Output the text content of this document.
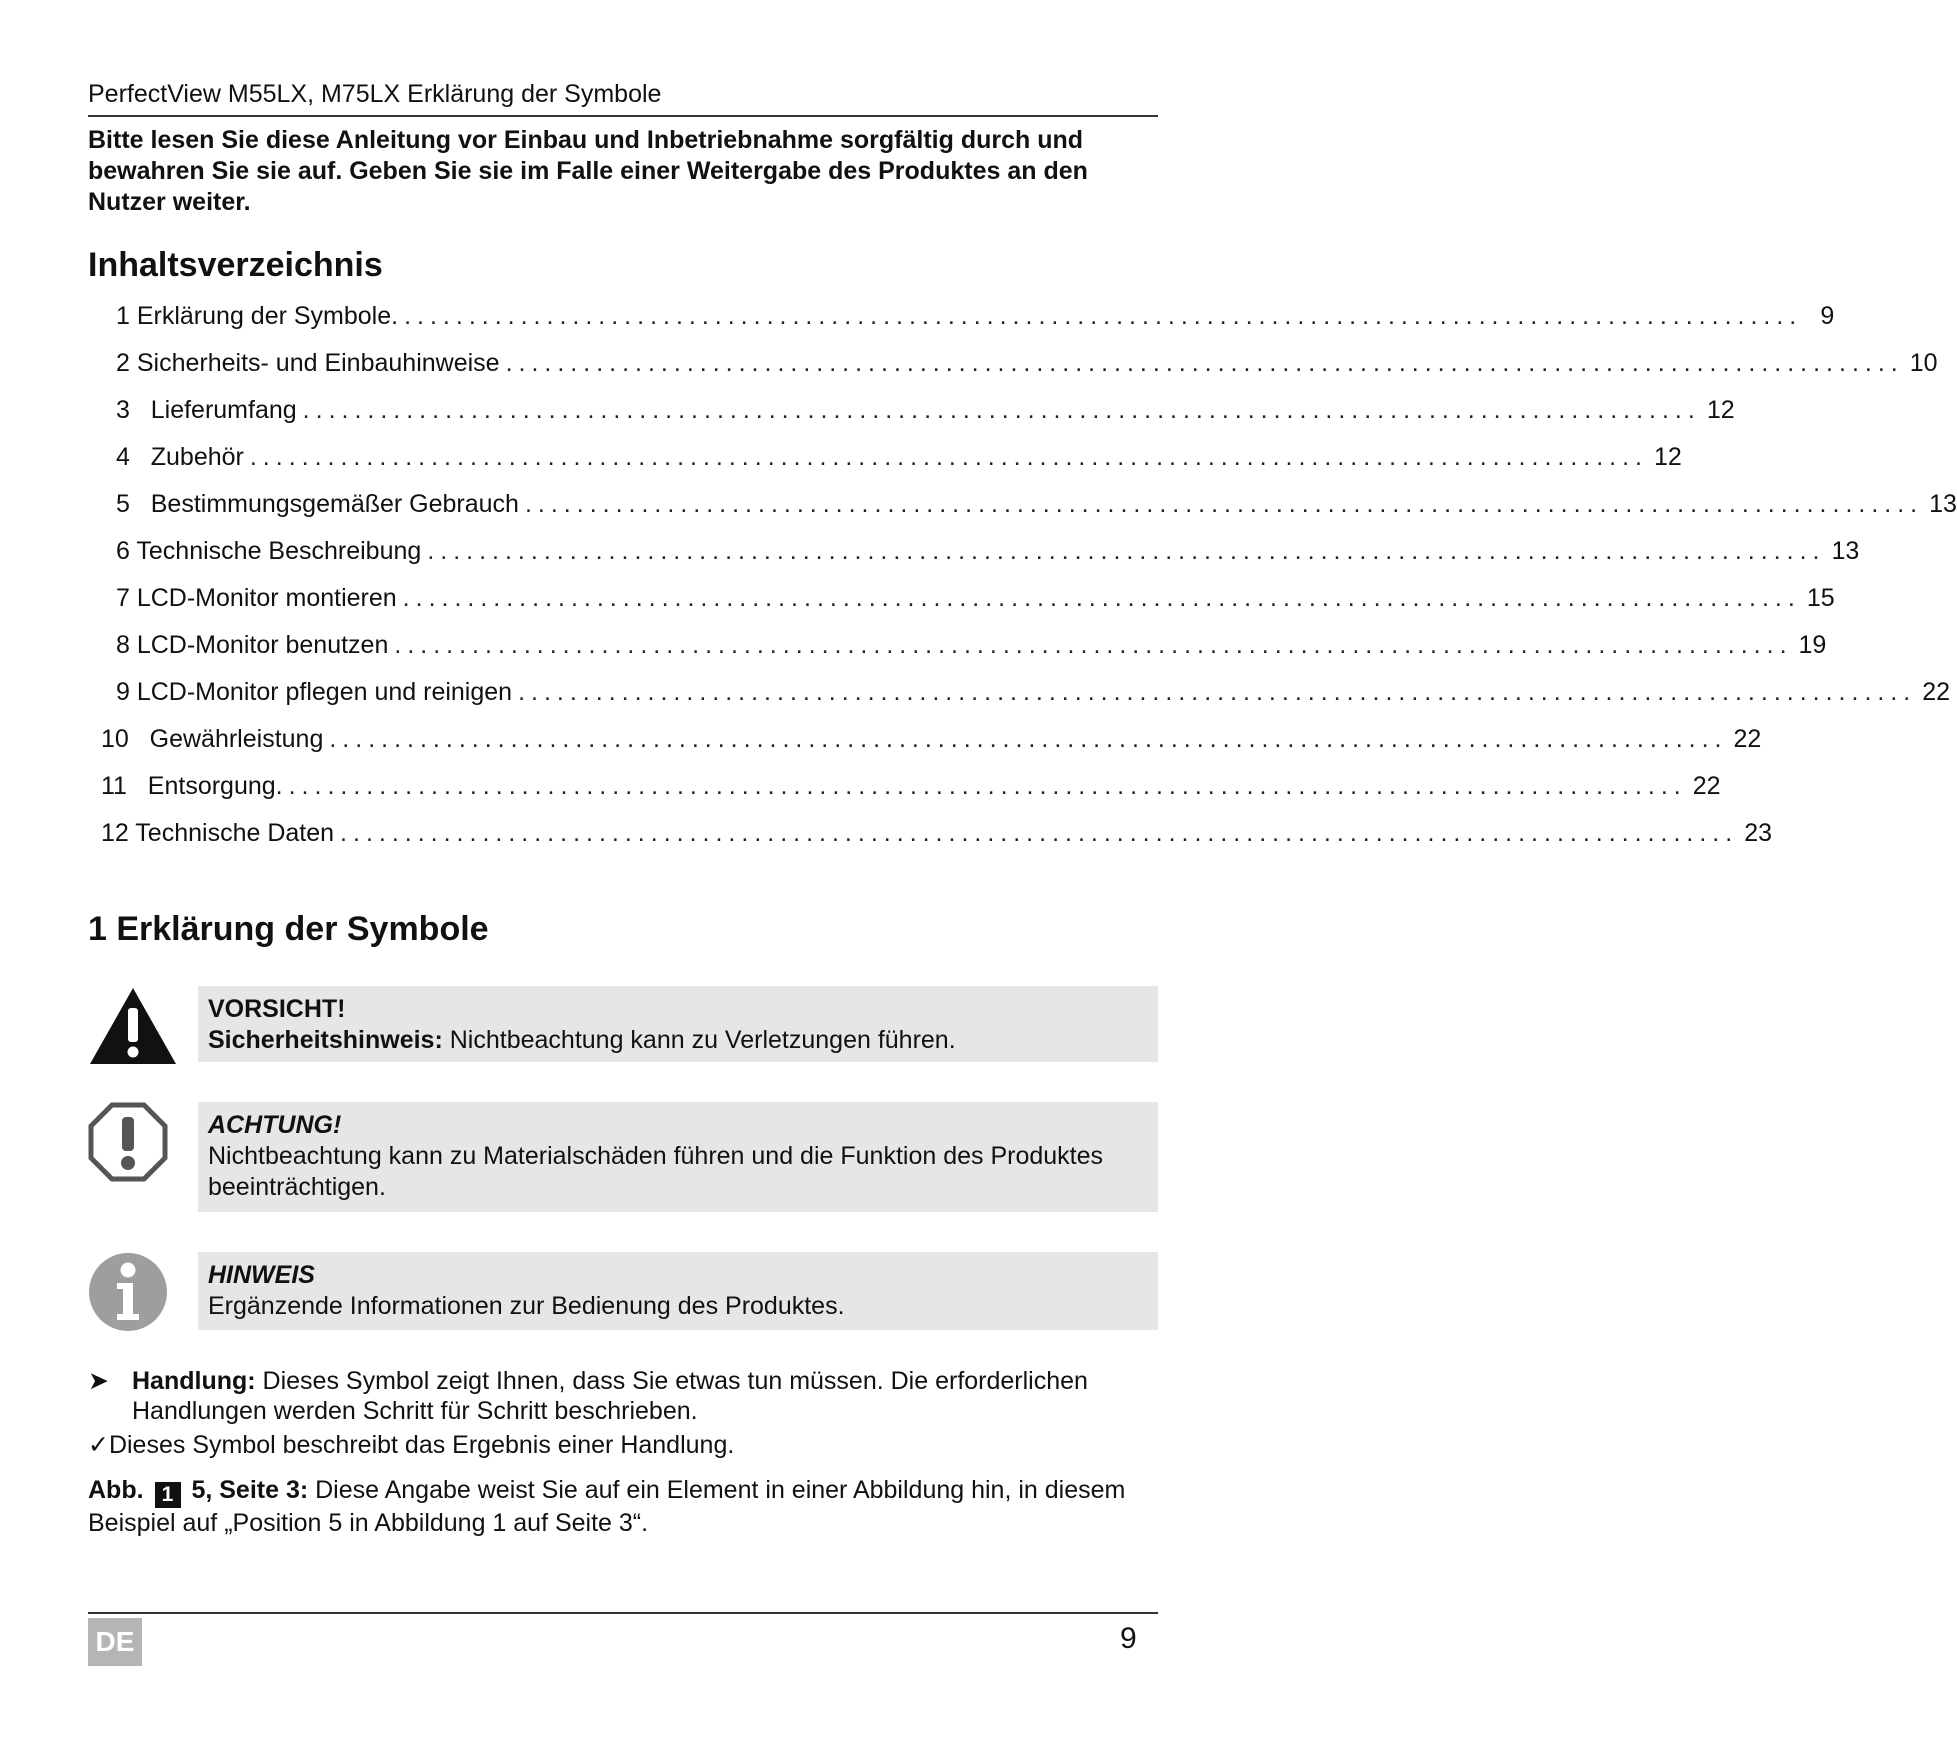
PerfectView M55LX, M75LX Erklärung der Symbole
Bitte lesen Sie diese Anleitung vor Einbau und Inbetriebnahme sorgfältig durch und bewahren Sie sie auf. Geben Sie sie im Falle einer Weitergabe des Produktes an den Nutzer weiter.
Inhaltsverzeichnis
1 Erklärung der Symbole. ............................................................................................................ 9
2 Sicherheits- und Einbauhinweise ............................................................................................................ 10
3   Lieferumfang ............................................................................................................ 12
4   Zubehör ............................................................................................................ 12
5   Bestimmungsgemäßer Gebrauch ............................................................................................................ 13
6 Technische Beschreibung ............................................................................................................ 13
7 LCD-Monitor montieren ............................................................................................................ 15
8 LCD-Monitor benutzen ............................................................................................................ 19
9 LCD-Monitor pflegen und reinigen ............................................................................................................ 22
10   Gewährleistung ............................................................................................................ 22
11   Entsorgung. ............................................................................................................ 22
12 Technische Daten ............................................................................................................ 23
1 Erklärung der Symbole
VORSICHT!
Sicherheitshinweis: Nichtbeachtung kann zu Verletzungen führen.
ACHTUNG!
Nichtbeachtung kann zu Materialschäden führen und die Funktion des Produktes beeinträchtigen.
HINWEIS
Ergänzende Informationen zur Bedienung des Produktes.
➤ Handlung: Dieses Symbol zeigt Ihnen, dass Sie etwas tun müssen. Die erforderlichen Handlungen werden Schritt für Schritt beschrieben.
✓Dieses Symbol beschreibt das Ergebnis einer Handlung.
Abb. 1 5, Seite 3: Diese Angabe weist Sie auf ein Element in einer Abbildung hin, in diesem Beispiel auf „Position 5 in Abbildung 1 auf Seite 3“.
DE	9
